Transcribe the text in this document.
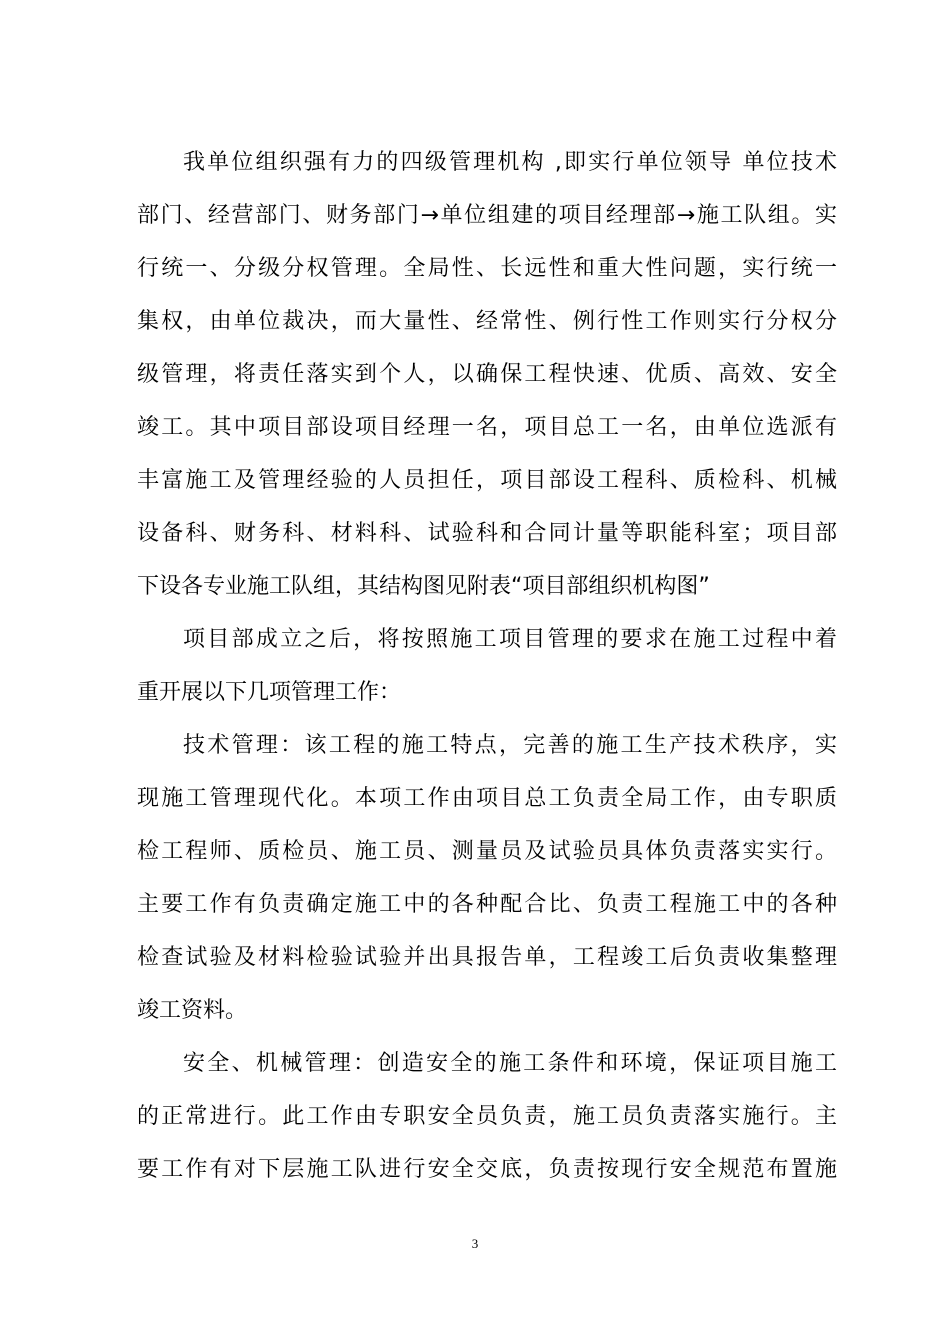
我单位组织强有力的四级管理机构 ,即实行单位领导 单位技术
部门、经营部门、财务部门→单位组建的项目经理部→施工队组。实
行统一、分级分权管理。全局性、长远性和重大性问题，实行统一
集权，由单位裁决，而大量性、经常性、例行性工作则实行分权分
级管理，将责任落实到个人，以确保工程快速、优质、高效、安全
竣工。其中项目部设项目经理一名，项目总工一名，由单位选派有
丰富施工及管理经验的人员担任，项目部设工程科、质检科、机械
设备科、财务科、材料科、试验科和合同计量等职能科室；项目部
下设各专业施工队组，其结构图见附表“项目部组织机构图”
项目部成立之后，将按照施工项目管理的要求在施工过程中着
重开展以下几项管理工作：
技术管理：该工程的施工特点，完善的施工生产技术秩序，实
现施工管理现代化。本项工作由项目总工负责全局工作，由专职质
检工程师、质检员、施工员、测量员及试验员具体负责落实实行。
主要工作有负责确定施工中的各种配合比、负责工程施工中的各种
检查试验及材料检验试验并出具报告单，工程竣工后负责收集整理
竣工资料。
安全、机械管理：创造安全的施工条件和环境，保证项目施工
的正常进行。此工作由专职安全员负责，施工员负责落实施行。主
要工作有对下层施工队进行安全交底，负责按现行安全规范布置施
3
